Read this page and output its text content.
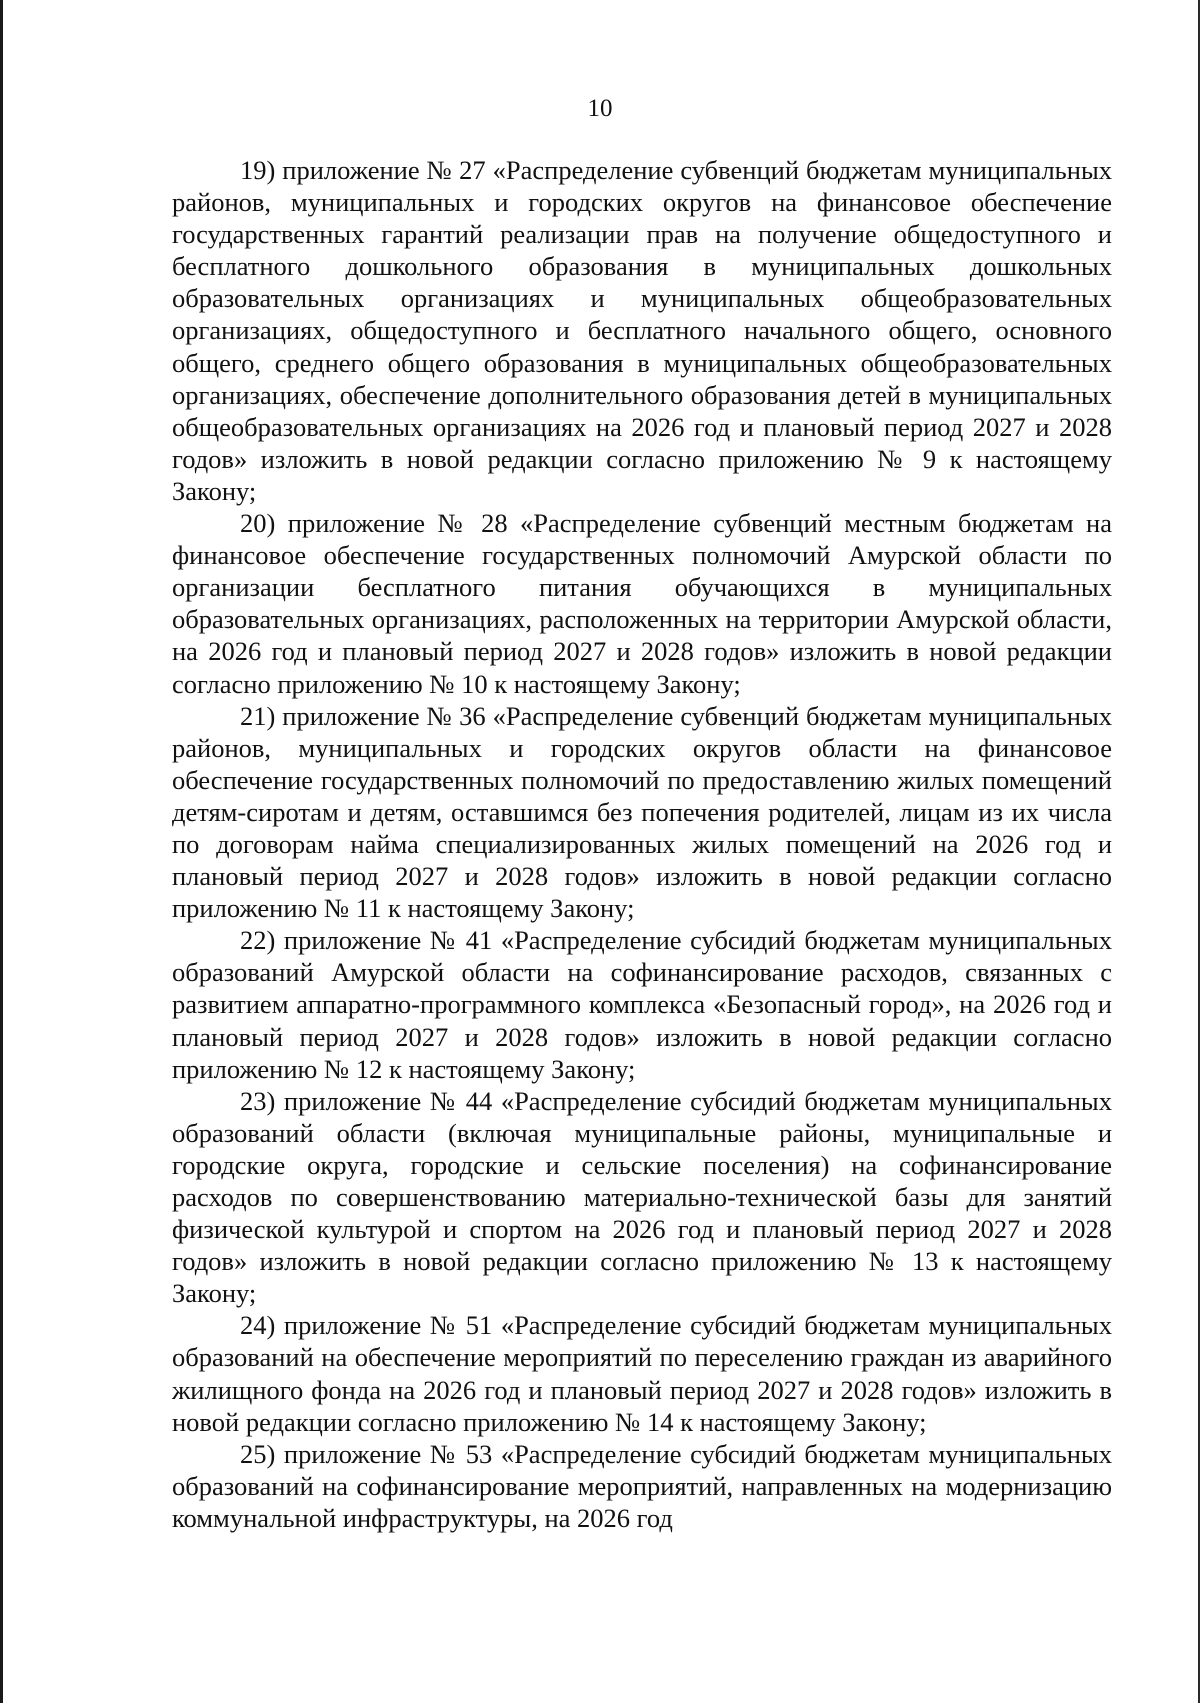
10

19) приложение № 27 «Распределение субвенций бюджетам муниципальных районов, муниципальных и городских округов на финансовое обеспечение государственных гарантий реализации прав на получение общедоступного и бесплатного дошкольного образования в муниципальных дошкольных образовательных организациях и муниципальных общеобразовательных организациях, общедоступного и бесплатного начального общего, основного общего, среднего общего образования в муниципальных общеобразовательных организациях, обеспечение дополнительного образования детей в муниципальных общеобразовательных организациях на 2026 год и плановый период 2027 и 2028 годов» изложить в новой редакции согласно приложению № 9 к настоящему Закону;

20) приложение № 28 «Распределение субвенций местным бюджетам на финансовое обеспечение государственных полномочий Амурской области по организации бесплатного питания обучающихся в муниципальных образовательных организациях, расположенных на территории Амурской области, на 2026 год и плановый период 2027 и 2028 годов» изложить в новой редакции согласно приложению № 10 к настоящему Закону;

21) приложение № 36 «Распределение субвенций бюджетам муниципальных районов, муниципальных и городских округов области на финансовое обеспечение государственных полномочий по предоставлению жилых помещений детям-сиротам и детям, оставшимся без попечения родителей, лицам из их числа по договорам найма специализированных жилых помещений на 2026 год и плановый период 2027 и 2028 годов» изложить в новой редакции согласно приложению № 11 к настоящему Закону;

22) приложение № 41 «Распределение субсидий бюджетам муниципальных образований Амурской области на софинансирование расходов, связанных с развитием аппаратно-программного комплекса «Безопасный город», на 2026 год и плановый период 2027 и 2028 годов» изложить в новой редакции согласно приложению № 12 к настоящему Закону;

23) приложение № 44 «Распределение субсидий бюджетам муниципальных образований области (включая муниципальные районы, муниципальные и городские округа, городские и сельские поселения) на софинансирование расходов по совершенствованию материально-технической базы для занятий физической культурой и спортом на 2026 год и плановый период 2027 и 2028 годов» изложить в новой редакции согласно приложению № 13 к настоящему Закону;

24) приложение № 51 «Распределение субсидий бюджетам муниципальных образований на обеспечение мероприятий по переселению граждан из аварийного жилищного фонда на 2026 год и плановый период 2027 и 2028 годов» изложить в новой редакции согласно приложению № 14 к настоящему Закону;

25) приложение № 53 «Распределение субсидий бюджетам муниципальных образований на софинансирование мероприятий, направленных на модернизацию коммунальной инфраструктуры, на 2026 год
